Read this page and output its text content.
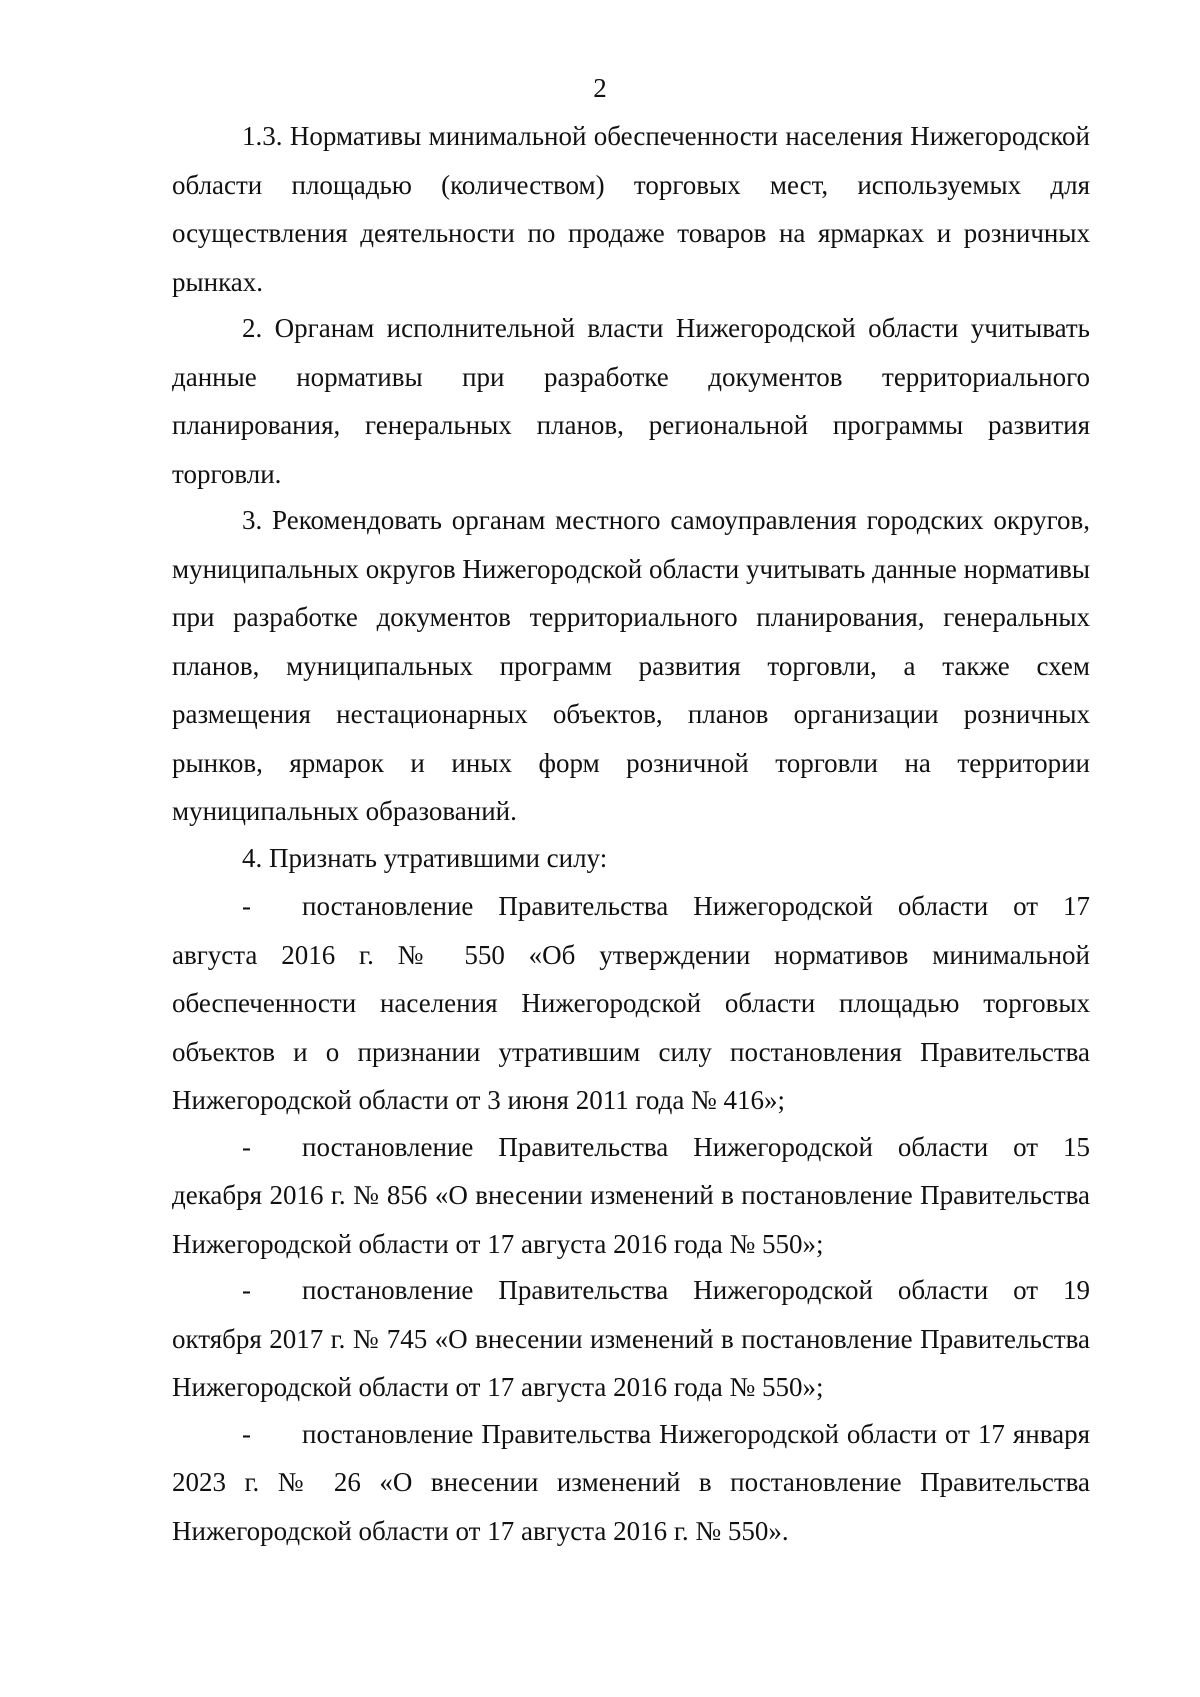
2

1.3. Нормативы минимальной обеспеченности населения Нижегородской области площадью (количеством) торговых мест, используемых для осуществления деятельности по продаже товаров на ярмарках и розничных рынках.

2. Органам исполнительной власти Нижегородской области учитывать данные нормативы при разработке документов территориального планирования, генеральных планов, региональной программы развития торговли.

3. Рекомендовать органам местного самоуправления городских округов, муниципальных округов Нижегородской области учитывать данные нормативы при разработке документов территориального планирования, генеральных планов, муниципальных программ развития торговли, а также схем размещения нестационарных объектов, планов организации розничных рынков, ярмарок и иных форм розничной торговли на территории муниципальных образований.

4. Признать утратившими силу:

- постановление Правительства Нижегородской области от 17 августа 2016 г. № 550 «Об утверждении нормативов минимальной обеспеченности населения Нижегородской области площадью торговых объектов и о признании утратившим силу постановления Правительства Нижегородской области от 3 июня 2011 года № 416»;

- постановление Правительства Нижегородской области от 15 декабря 2016 г. № 856 «О внесении изменений в постановление Правительства Нижегородской области от 17 августа 2016 года № 550»;

- постановление Правительства Нижегородской области от 19 октября 2017 г. № 745 «О внесении изменений в постановление Правительства Нижегородской области от 17 августа 2016 года № 550»;

- постановление Правительства Нижегородской области от 17 января 2023 г. № 26 «О внесении изменений в постановление Правительства Нижегородской области от 17 августа 2016 г. № 550».
